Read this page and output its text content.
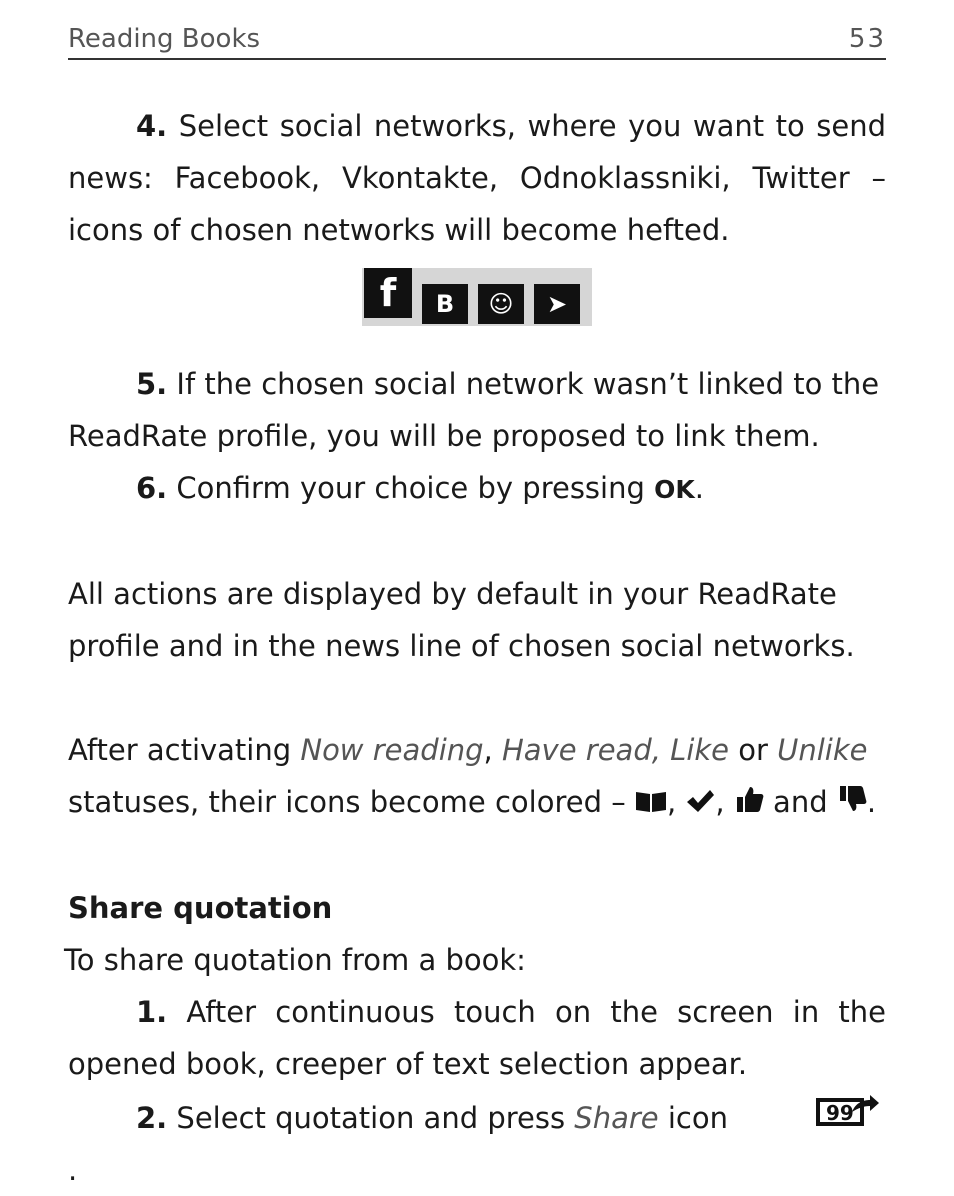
Reading Books	53

4. Select social networks, where you want to send news: Facebook, Vkontakte, Odnoklassniki, Twitter – icons of chosen networks will become hefted.

f	B	☺	➤

5. If the chosen social network wasn’t linked to the ReadRate profile, you will be proposed to link them.

6. Confirm your choice by pressing OK.

All actions are displayed by default in your ReadRate profile and in the news line of chosen social networks.

After activating Now reading, Have read, Like or Unlike statuses, their icons become colored – , , and .

Share quotation

To share quotation from a book:

1. After continuous touch on the screen in the opened book, creeper of text selection appear.

2. Select quotation and press Share icon	99
.
